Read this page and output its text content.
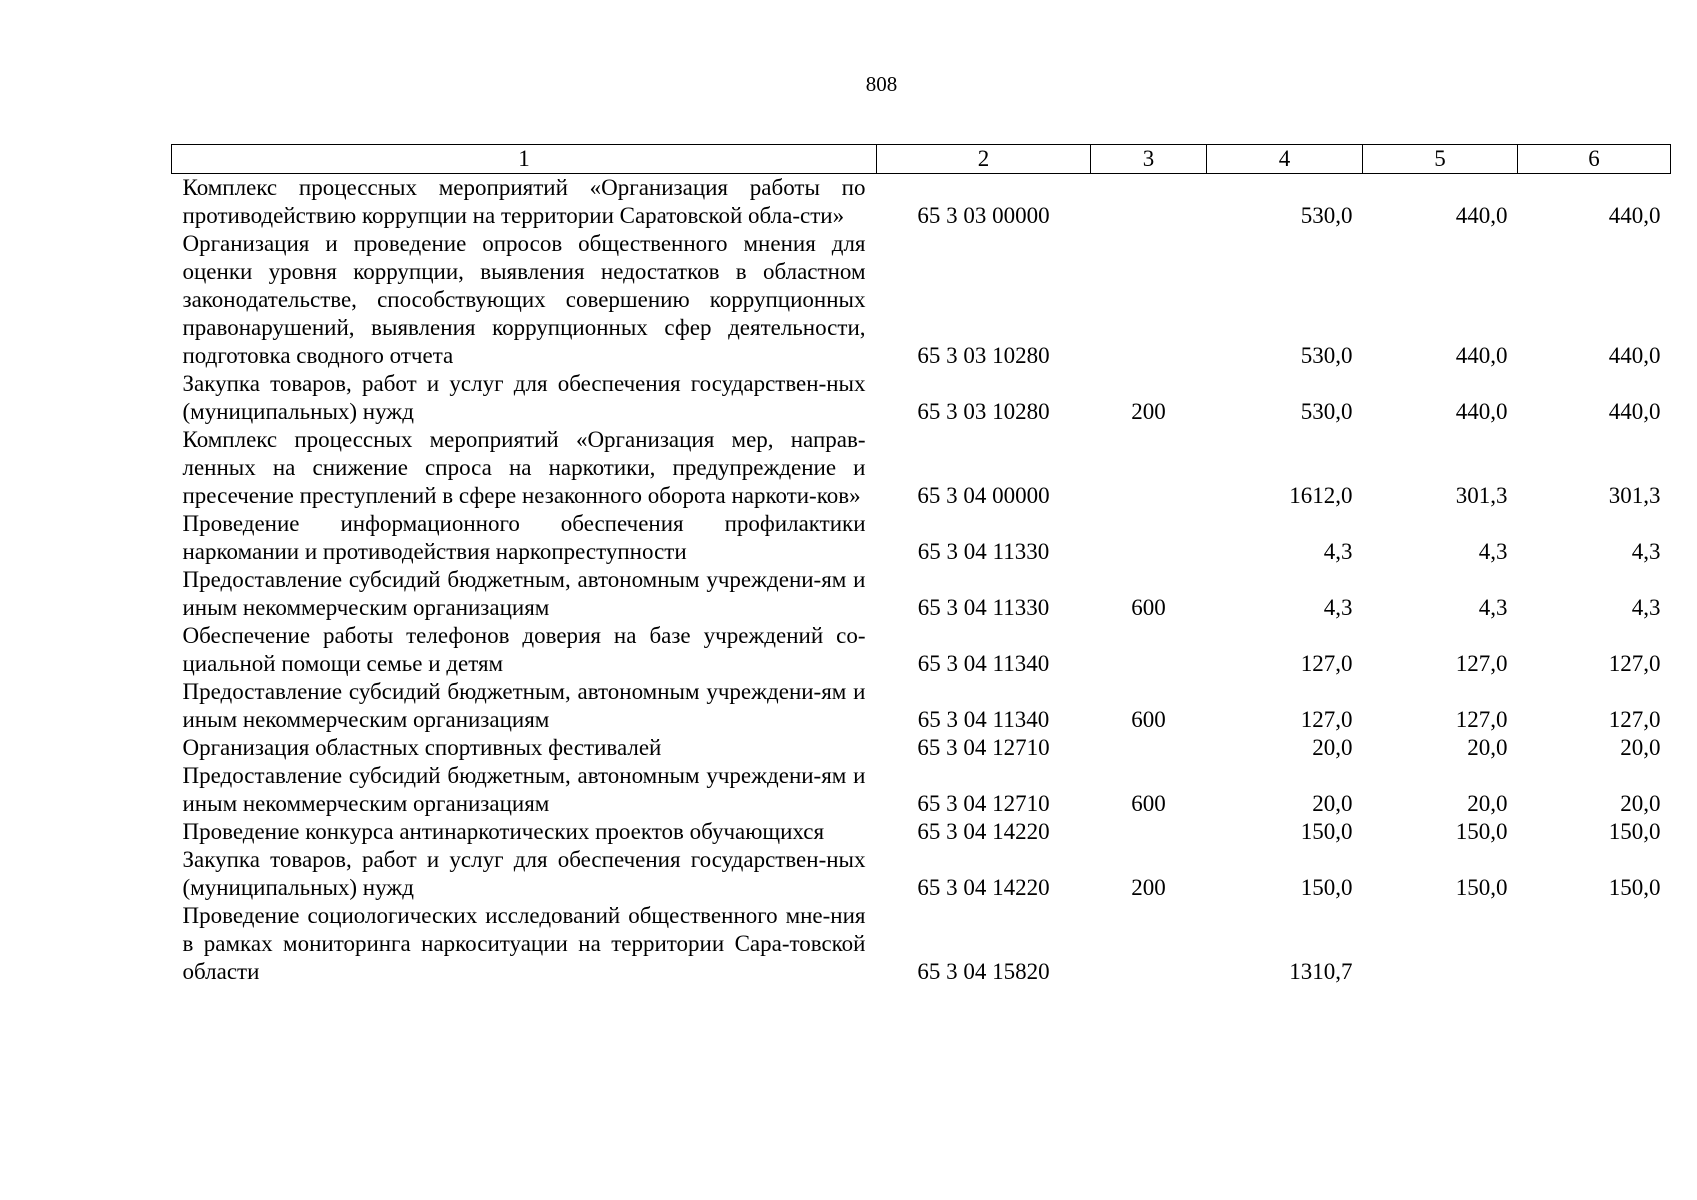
808
1	2	3	4	5	6
Комплекс процессных мероприятий «Организация работы по противодействию коррупции на территории Саратовской обла-сти»	65 3 03 00000		530,0	440,0	440,0
Организация и проведение опросов общественного мнения для оценки уровня коррупции, выявления недостатков в областном законодательстве, способствующих совершению коррупционных правонарушений, выявления коррупционных сфер деятельности, подготовка сводного отчета	65 3 03 10280		530,0	440,0	440,0
Закупка товаров, работ и услуг для обеспечения государствен-ных (муниципальных) нужд	65 3 03 10280	200	530,0	440,0	440,0
Комплекс процессных мероприятий «Организация мер, направ-ленных на снижение спроса на наркотики, предупреждение и пресечение преступлений в сфере незаконного оборота наркоти-ков»	65 3 04 00000		1612,0	301,3	301,3
Проведение информационного обеспечения профилактики наркомании и противодействия наркопреступности	65 3 04 11330		4,3	4,3	4,3
Предоставление субсидий бюджетным, автономным учреждени-ям и иным некоммерческим организациям	65 3 04 11330	600	4,3	4,3	4,3
Обеспечение работы телефонов доверия на базе учреждений со-циальной помощи семье и детям	65 3 04 11340		127,0	127,0	127,0
Предоставление субсидий бюджетным, автономным учреждени-ям и иным некоммерческим организациям	65 3 04 11340	600	127,0	127,0	127,0
Организация областных спортивных фестивалей	65 3 04 12710		20,0	20,0	20,0
Предоставление субсидий бюджетным, автономным учреждени-ям и иным некоммерческим организациям	65 3 04 12710	600	20,0	20,0	20,0
Проведение конкурса антинаркотических проектов обучающихся	65 3 04 14220		150,0	150,0	150,0
Закупка товаров, работ и услуг для обеспечения государствен-ных (муниципальных) нужд	65 3 04 14220	200	150,0	150,0	150,0
Проведение социологических исследований общественного мне-ния в рамках мониторинга наркоситуации на территории Сара-товской области	65 3 04 15820		1310,7		
